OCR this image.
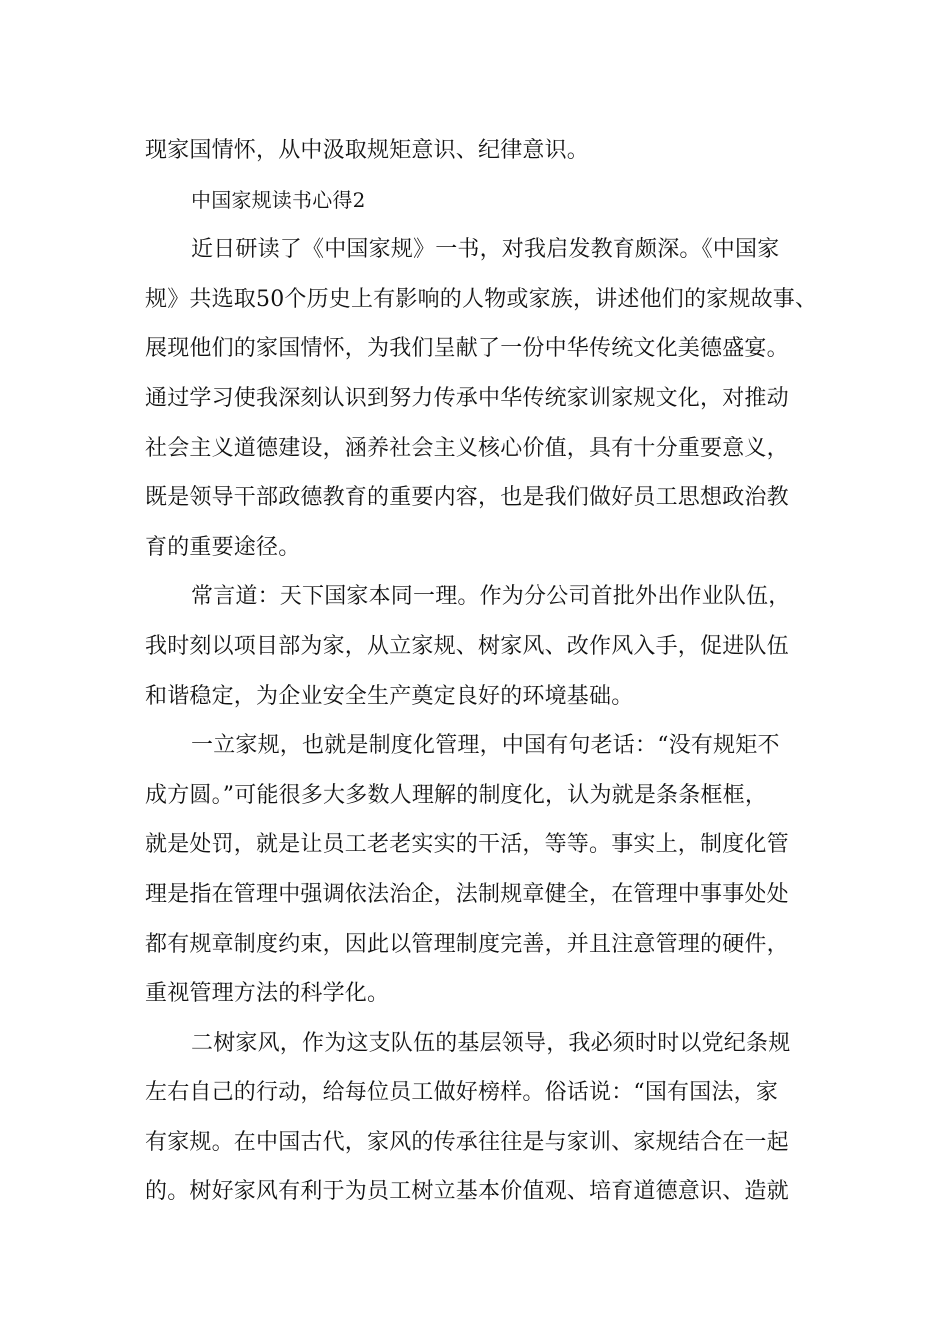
现家国情怀，从中汲取规矩意识、纪律意识。
中国家规读书心得2
近日研读了《中国家规》一书，对我启发教育颇深。《中国家
规》共选取50个历史上有影响的人物或家族，讲述他们的家规故事、
展现他们的家国情怀，为我们呈献了一份中华传统文化美德盛宴。
通过学习使我深刻认识到努力传承中华传统家训家规文化，对推动
社会主义道德建设，涵养社会主义核心价值，具有十分重要意义，
既是领导干部政德教育的重要内容，也是我们做好员工思想政治教
育的重要途径。
常言道：天下国家本同一理。作为分公司首批外出作业队伍，
我时刻以项目部为家，从立家规、树家风、改作风入手，促进队伍
和谐稳定，为企业安全生产奠定良好的环境基础。
一立家规，也就是制度化管理，中国有句老话：“没有规矩不
成方圆。”可能很多大多数人理解的制度化，认为就是条条框框，
就是处罚，就是让员工老老实实的干活，等等。事实上，制度化管
理是指在管理中强调依法治企，法制规章健全，在管理中事事处处
都有规章制度约束，因此以管理制度完善，并且注意管理的硬件，
重视管理方法的科学化。
二树家风，作为这支队伍的基层领导，我必须时时以党纪条规
左右自己的行动，给每位员工做好榜样。俗话说：“国有国法，家
有家规。在中国古代，家风的传承往往是与家训、家规结合在一起
的。树好家风有利于为员工树立基本价值观、培育道德意识、造就
